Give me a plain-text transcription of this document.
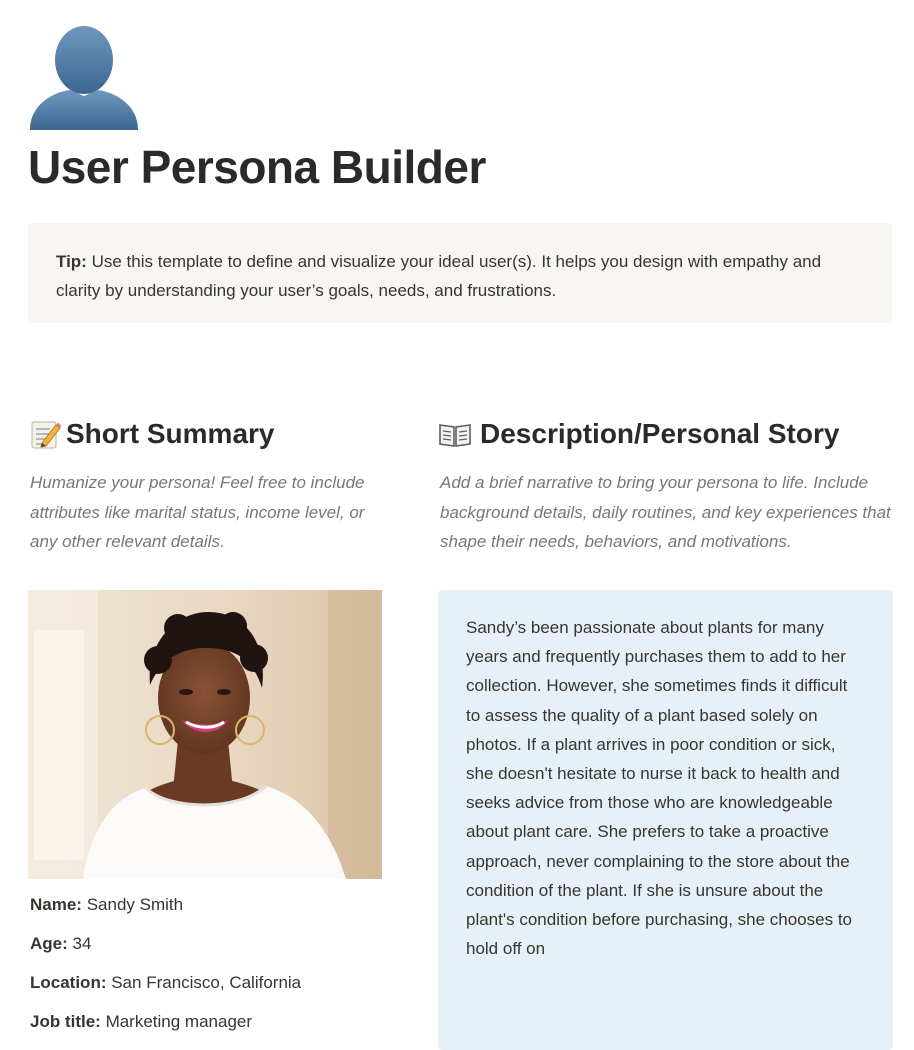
User Persona Builder
Tip: Use this template to define and visualize your ideal user(s). It helps you design with empathy and clarity by understanding your user’s goals, needs, and frustrations.
Short Summary

Humanize your persona! Feel free to include attributes like marital status, income level, or any other relevant details.

Description/Personal Story

Add a brief narrative to bring your persona to life. Include background details, daily routines, and key experiences that shape their needs, behaviors, and motivations.

Name: Sandy Smith
Age: 34
Location: San Francisco, California
Job title: Marketing manager

Sandy’s been passionate about plants for many years and frequently purchases them to add to her collection. However, she sometimes finds it difficult to assess the quality of a plant based solely on photos. If a plant arrives in poor condition or sick, she doesn't hesitate to nurse it back to health and seeks advice from those who are knowledgeable about plant care. She prefers to take a proactive approach, never complaining to the store about the condition of the plant. If she is unsure about the plant's condition before purchasing, she chooses to hold off on
